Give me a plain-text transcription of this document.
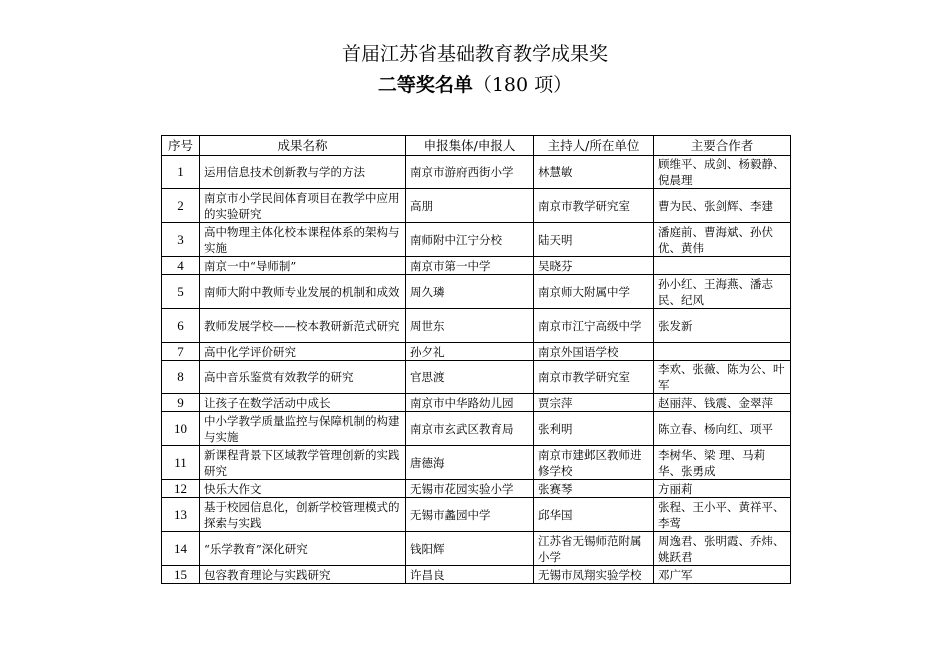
首届江苏省基础教育教学成果奖
二等奖名单（180 项）
序号	成果名称	申报集体/申报人	主持人/所在单位	主要合作者
1	运用信息技术创新教与学的方法	南京市游府西街小学	林慧敏	顾维平、成剑、杨毅静、倪晨理
2	南京市小学民间体育项目在教学中应用的实验研究	高朋	南京市教学研究室	曹为民、张剑辉、李建
3	高中物理主体化校本课程体系的架构与实施	南师附中江宁分校	陆天明	潘庭前、曹海斌、孙伏优、黄伟
4	南京一中“导师制”	南京市第一中学	吴晓芬	
5	南师大附中教师专业发展的机制和成效	周久璘	南京师大附属中学	孙小红、王海燕、潘志民、纪风
6	教师发展学校——校本教研新范式研究	周世东	南京市江宁高级中学	张发新
7	高中化学评价研究	孙夕礼	南京外国语学校	
8	高中音乐鉴赏有效教学的研究	官思渡	南京市教学研究室	李欢、张薇、陈为公、叶军
9	让孩子在数学活动中成长	南京市中华路幼儿园	贾宗萍	赵丽萍、钱震、金翠萍
10	中小学教学质量监控与保障机制的构建与实施	南京市玄武区教育局	张利明	陈立春、杨向红、项平
11	新课程背景下区域教学管理创新的实践研究	唐德海	南京市建邺区教师进修学校	李树华、梁 理、马莉华、张勇成
12	快乐大作文	无锡市花园实验小学	张赛琴	方丽莉
13	基于校园信息化，创新学校管理模式的探索与实践	无锡市蠡园中学	邱华国	张程、王小平、黄祥平、李莺
14	“乐学教育”深化研究	钱阳辉	江苏省无锡师范附属小学	周逸君、张明霞、乔炜、姚跃君
15	包容教育理论与实践研究	许昌良	无锡市凤翔实验学校	邓广军
